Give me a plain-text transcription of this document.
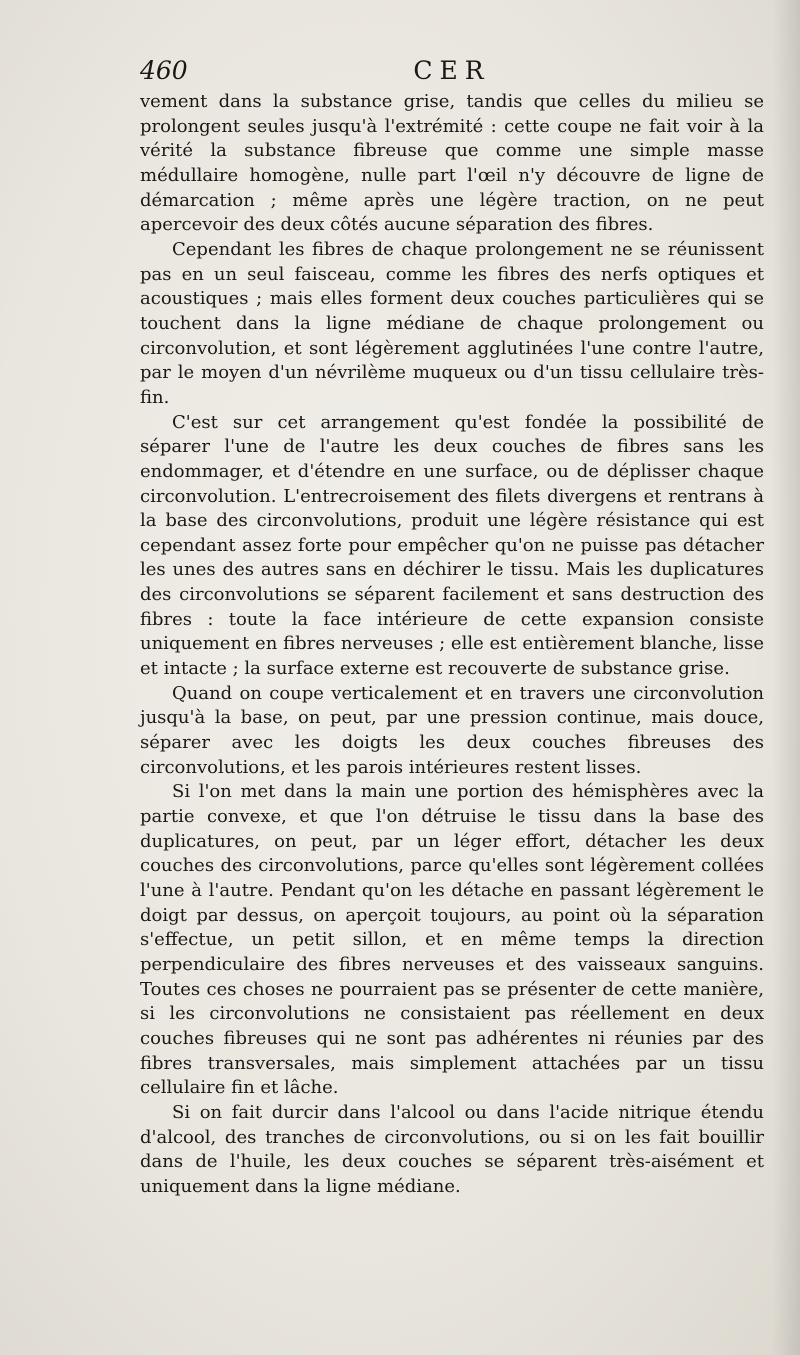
460	CER

vement dans la substance grise, tandis que celles du milieu se prolongent seules jusqu'à l'extrémité : cette coupe ne fait voir à la vérité la substance fibreuse que comme une simple masse médullaire homogène, nulle part l'œil n'y découvre de ligne de démarcation ; même après une légère traction, on ne peut apercevoir des deux côtés aucune séparation des fibres.

Cependant les fibres de chaque prolongement ne se réunissent pas en un seul faisceau, comme les fibres des nerfs optiques et acoustiques ; mais elles forment deux couches particulières qui se touchent dans la ligne médiane de chaque prolongement ou circonvolution, et sont légèrement agglutinées l'une contre l'autre, par le moyen d'un névrilème muqueux ou d'un tissu cellulaire très-fin.

C'est sur cet arrangement qu'est fondée la possibilité de séparer l'une de l'autre les deux couches de fibres sans les endommager, et d'étendre en une surface, ou de déplisser chaque circonvolution. L'entrecroisement des filets divergens et rentrans à la base des circonvolutions, produit une légère résistance qui est cependant assez forte pour empêcher qu'on ne puisse pas détacher les unes des autres sans en déchirer le tissu. Mais les duplicatures des circonvolutions se séparent facilement et sans destruction des fibres : toute la face intérieure de cette expansion consiste uniquement en fibres nerveuses ; elle est entièrement blanche, lisse et intacte ; la surface externe est recouverte de substance grise.

Quand on coupe verticalement et en travers une circonvolution jusqu'à la base, on peut, par une pression continue, mais douce, séparer avec les doigts les deux couches fibreuses des circonvolutions, et les parois intérieures restent lisses.

Si l'on met dans la main une portion des hémisphères avec la partie convexe, et que l'on détruise le tissu dans la base des duplicatures, on peut, par un léger effort, détacher les deux couches des circonvolutions, parce qu'elles sont légèrement collées l'une à l'autre. Pendant qu'on les détache en passant légèrement le doigt par dessus, on aperçoit toujours, au point où la séparation s'effectue, un petit sillon, et en même temps la direction perpendiculaire des fibres nerveuses et des vaisseaux sanguins. Toutes ces choses ne pourraient pas se présenter de cette manière, si les circonvolutions ne consistaient pas réellement en deux couches fibreuses qui ne sont pas adhérentes ni réunies par des fibres transversales, mais simplement attachées par un tissu cellulaire fin et lâche.

Si on fait durcir dans l'alcool ou dans l'acide nitrique étendu d'alcool, des tranches de circonvolutions, ou si on les fait bouillir dans de l'huile, les deux couches se séparent très-aisément et uniquement dans la ligne médiane.
